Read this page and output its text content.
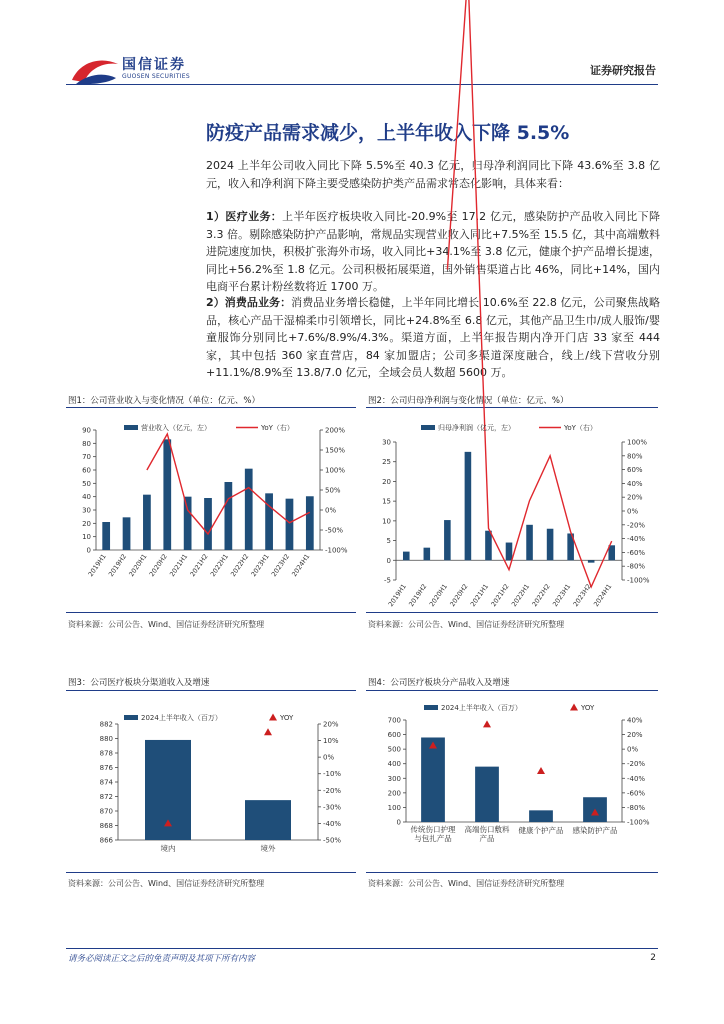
国信证券
GUOSEN SECURITIES	证券研究报告
防疫产品需求减少，上半年收入下降 5.5%

2024 上半年公司收入同比下降 5.5%至 40.3 亿元，归母净利润同比下降 43.6%至 3.8 亿元，收入和净利润下降主要受感染防护类产品需求常态化影响，具体来看：

1）医疗业务：上半年医疗板块收入同比-20.9%至 17.2 亿元，感染防护产品收入同比下降 3.3 倍。剔除感染防护产品影响，常规品实现营业收入同比+7.5%至 15.5 亿，其中高端敷料进院速度加快，积极扩张海外市场，收入同比+34.1%至 3.8 亿元，健康个护产品增长提速，同比+56.2%至 1.8 亿元。公司积极拓展渠道，国外销售渠道占比 46%，同比+14%，国内电商平台累计粉丝数将近 1700 万。

2）消费品业务：消费品业务增长稳健，上半年同比增长 10.6%至 22.8 亿元，公司聚焦战略品，核心产品干湿棉柔巾引领增长，同比+24.8%至 6.8 亿元，其他产品卫生巾/成人服饰/婴童服饰分别同比+7.6%/8.9%/4.3%。渠道方面，上半年报告期内净开门店 33 家至 444 家，其中包括 360 家直营店，84 家加盟店；公司多渠道深度融合，线上/线下营收分别+11.1%/8.9%至 13.8/7.0 亿元，全域会员人数超 5600 万。

图1：公司营业收入与变化情况（单位：亿元、%）
0
10
20
30
40
50
60
70
80
90
-100%
-50%
0%
50%
100%
150%
200%
2019H1 2019H2 2020H1 2020H2 2021H1 2021H2 2022H1 2022H2 2023H1 2023H2 2024H1
营业收入（亿元，左）	YoY（右）
资料来源：公司公告、Wind、国信证券经济研究所整理
图2：公司归母净利润与变化情况（单位：亿元、%）
-5
0
5
10
15
20
25
30
-100%
-80%
-60%
-40%
-20%
0%
20%
40%
60%
80%
100%
2019H1 2019H2 2020H1 2020H2 2021H1 2021H2 2022H1 2022H2 2023H1 2023H2 2024H1
归母净利润（亿元，左）	YoY（右）
资料来源：公司公告、Wind、国信证券经济研究所整理
图3：公司医疗板块分渠道收入及增速
866
868
870
872
874
876
878
880
882
-50%
-40%
-30%
-20%
-10%
0%
10%
20%
境内	境外
2024上半年收入（百万）	YOY
资料来源：公司公告、Wind、国信证券经济研究所整理
图4：公司医疗板块分产品收入及增速
0
100
200
300
400
500
600
700
-100%
-80%
-60%
-40%
-20%
0%
20%
40%
传统伤口护理
与包扎产品
高端伤口敷料
产品
健康个护产品 感染防护产品
2024上半年收入（百万）	YOY
资料来源：公司公告、Wind、国信证券经济研究所整理
请务必阅读正文之后的免责声明及其项下所有内容	2
